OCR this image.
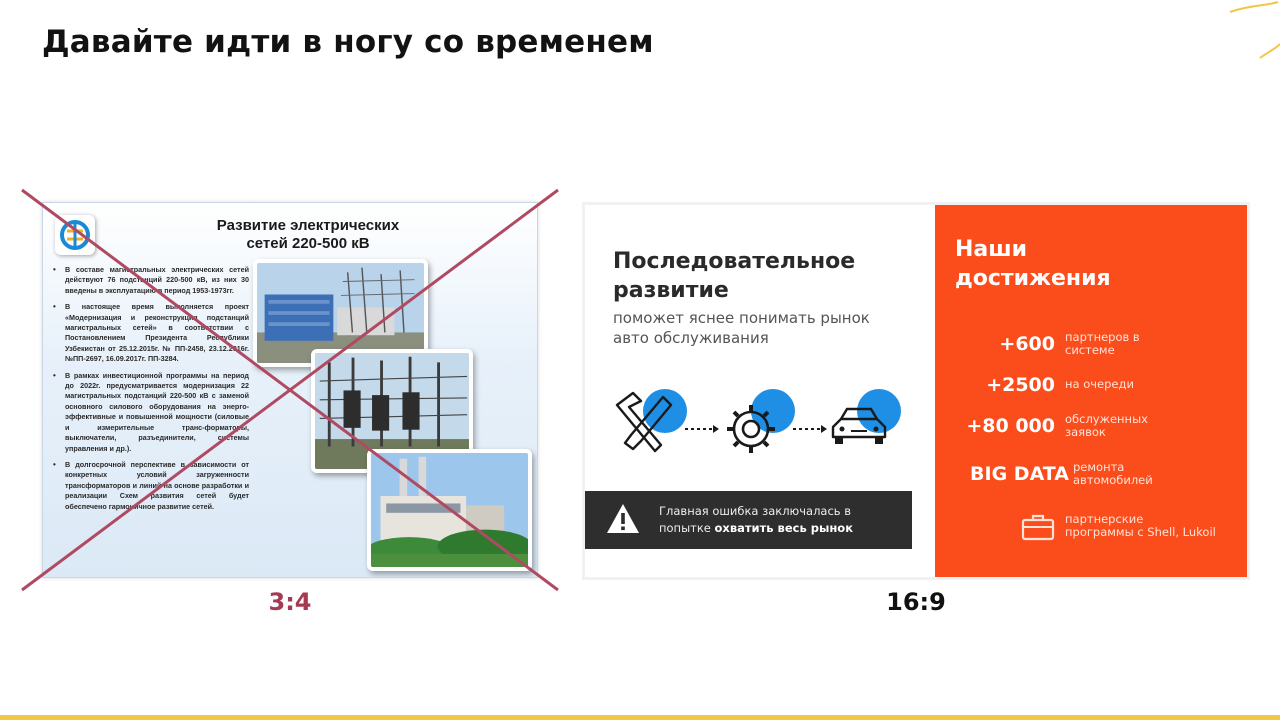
Давайте идти в ногу со временем
Развитие электрических
сетей 220-500 кВ
• В составе магистральных электрических сетей действуют 76 подстанций 220-500 кВ, из них 30 введены в эксплуатацию в период 1953-1973гг.
• В настоящее время выполняется проект «Модернизация и реконструкция подстанций магистральных сетей» в соответствии с Постановлением Президента Республики Узбекистан от 25.12.2015г. № ПП-2458, 23.12.2016г. №ПП-2697, 16.09.2017г. ПП-3284.
• В рамках инвестиционной программы на период до 2022г. предусматривается модернизация 22 магистральных подстанций 220-500 кВ с заменой основного силового оборудования на энерго-эффективные и повышенной мощности (силовые и измерительные транс-форматоры, выключатели, разъединители, системы управления и др.).
• В долгосрочной перспективе в зависимости от конкретных условий загруженности трансформаторов и линий на основе разработки и реализации Схем развития сетей будет обеспечено гармоничное развитие сетей.
3:4
Последовательное
развитие
поможет яснее понимать рынок
авто обслуживания
Главная ошибка заключалась в
попытке охватить весь рынок
Наши
достижения
+600 партнеров в
системе
+2500 на очереди
+80 000 обслуженных
заявок
BIG DATA ремонта
автомобилей
партнерские
программы с Shell, Lukoil
16:9
